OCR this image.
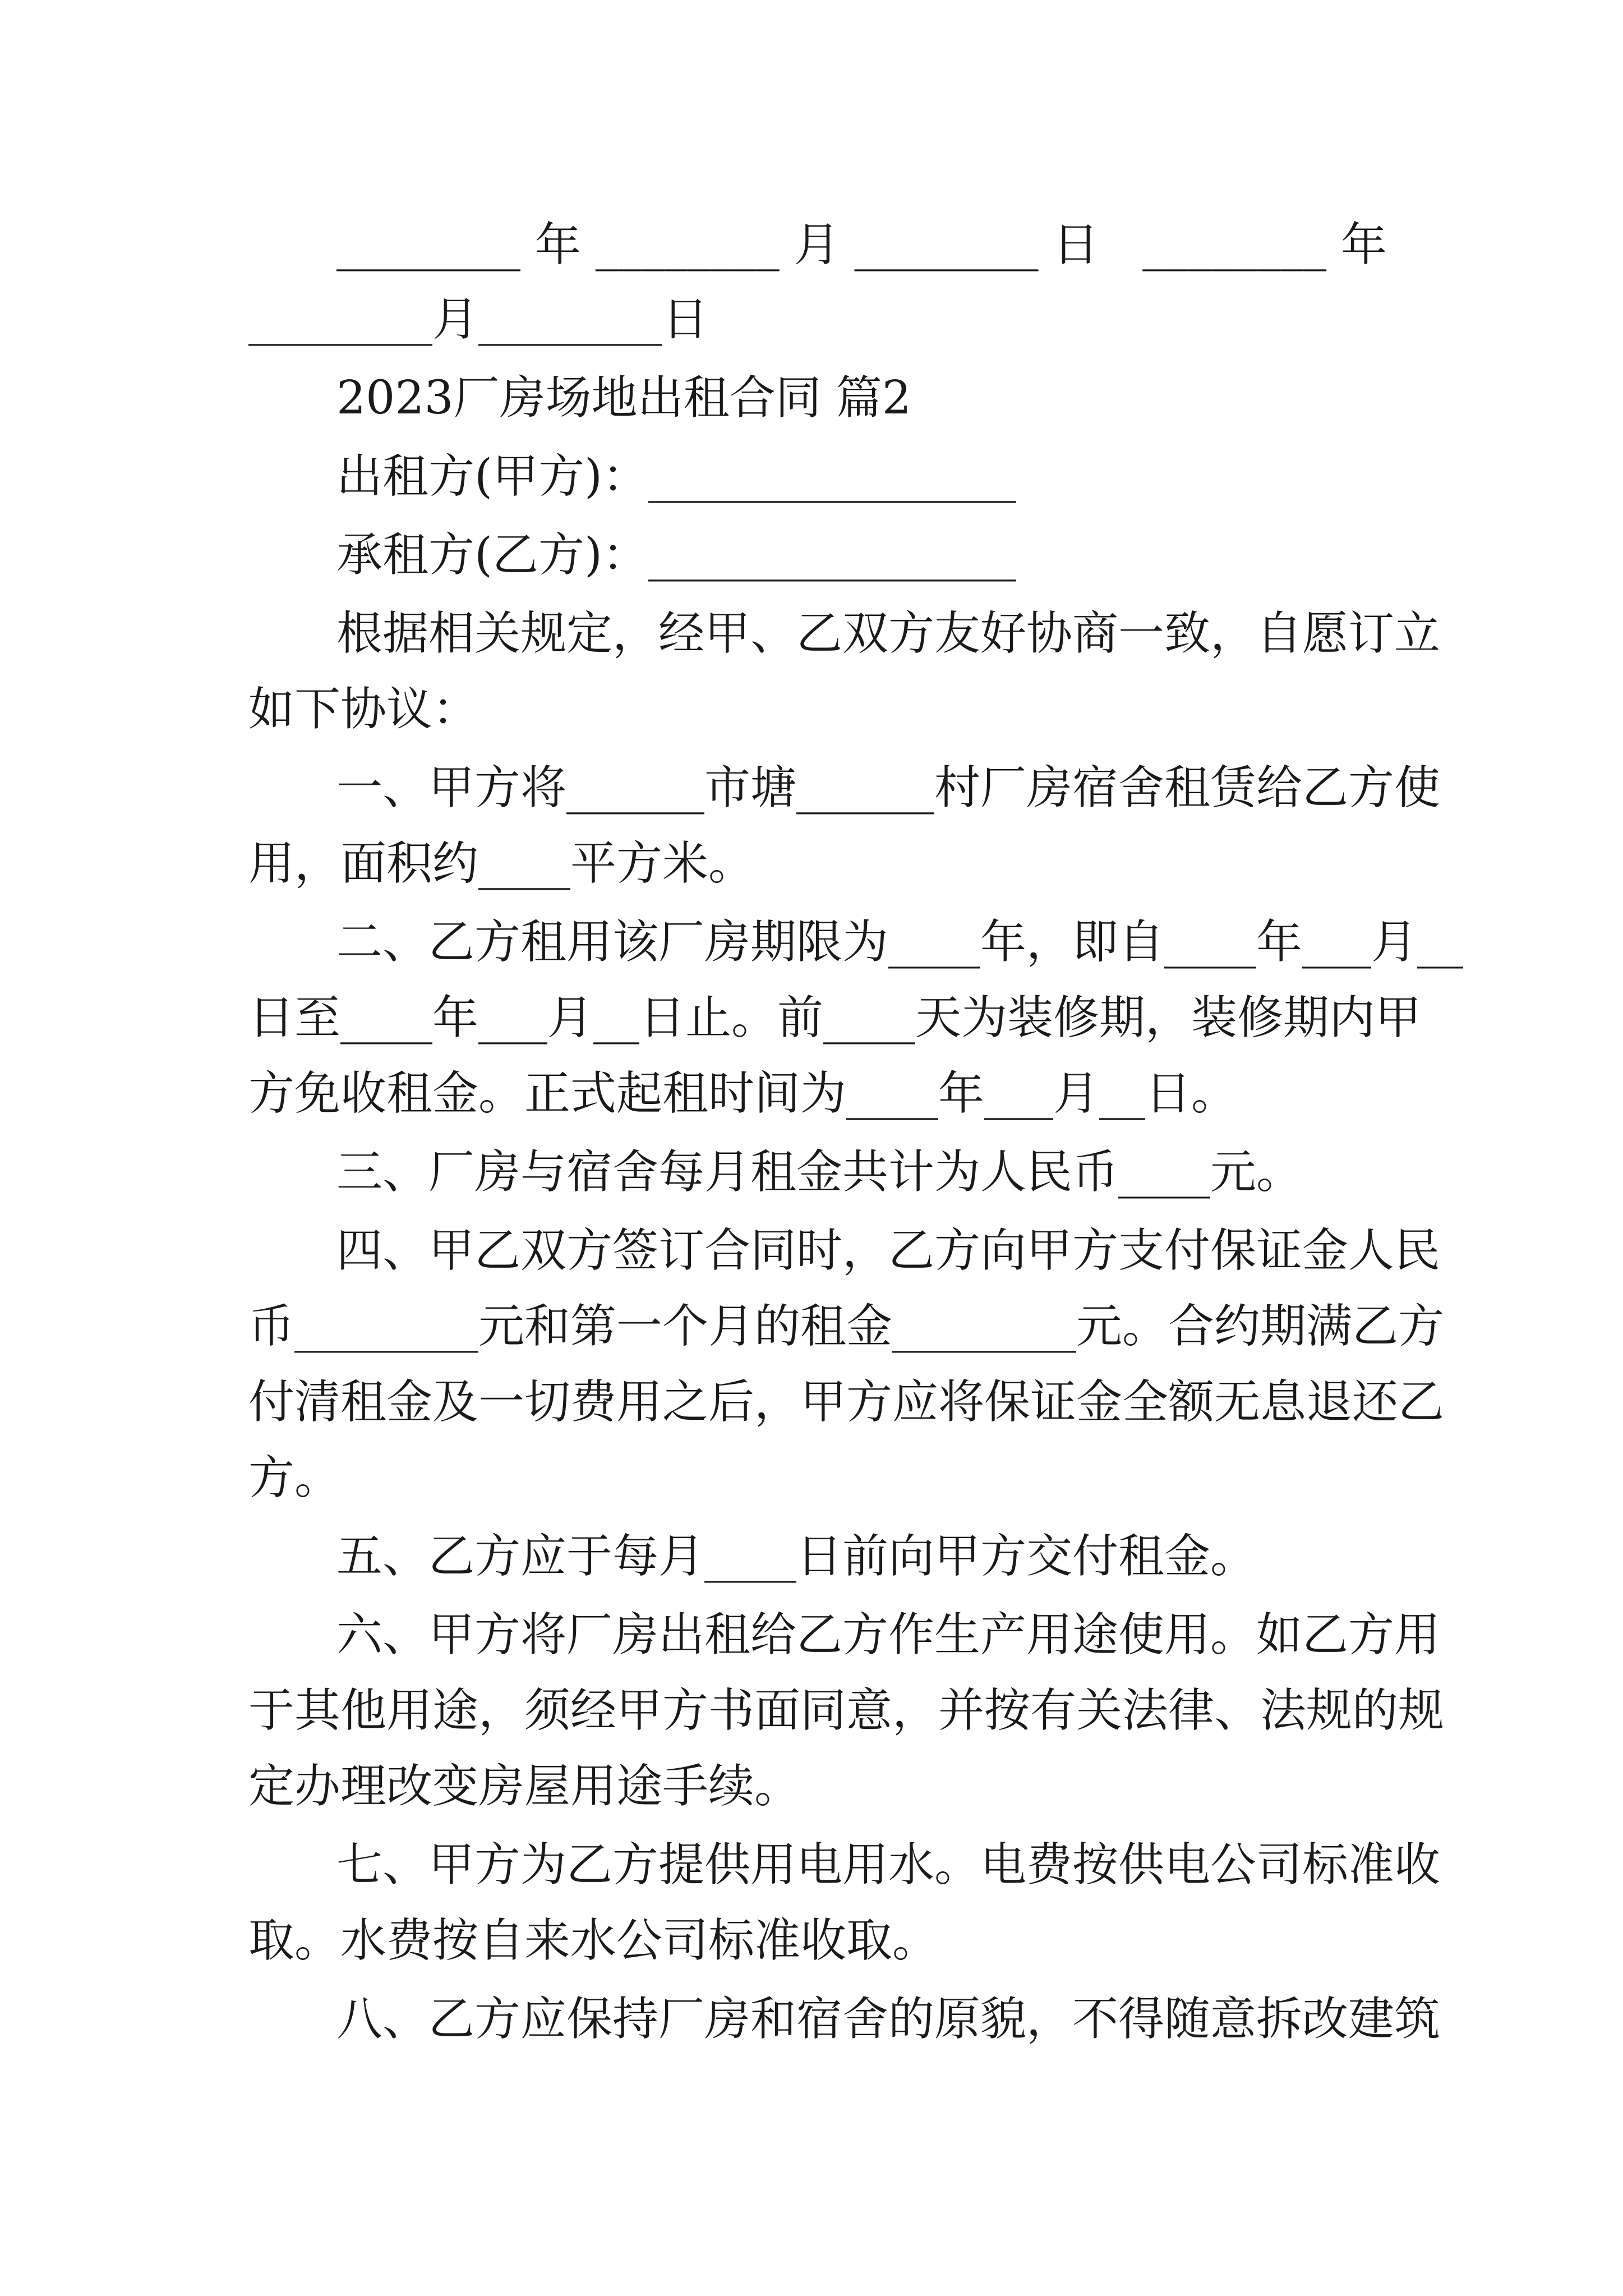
________年________月________日 ________年
________月________日
2023厂房场地出租合同 篇2
出租方(甲方)：________________
承租方(乙方)：________________
根据相关规定，经甲、乙双方友好协商一致，自愿订立
如下协议：
一、甲方将______市塘______村厂房宿舍租赁给乙方使
用，面积约____平方米。
二、乙方租用该厂房期限为____年，即自____年___月__
日至____年___月__日止。前____天为装修期，装修期内甲
方免收租金。正式起租时间为____年___月__日。
三、厂房与宿舍每月租金共计为人民币____元。
四、甲乙双方签订合同时，乙方向甲方支付保证金人民
币________元和第一个月的租金________元。合约期满乙方
付清租金及一切费用之后，甲方应将保证金全额无息退还乙
方。
五、乙方应于每月____日前向甲方交付租金。
六、甲方将厂房出租给乙方作生产用途使用。如乙方用
于其他用途，须经甲方书面同意，并按有关法律、法规的规
定办理改变房屋用途手续。
七、甲方为乙方提供用电用水。电费按供电公司标准收
取。水费按自来水公司标准收取。
八、乙方应保持厂房和宿舍的原貌，不得随意拆改建筑
